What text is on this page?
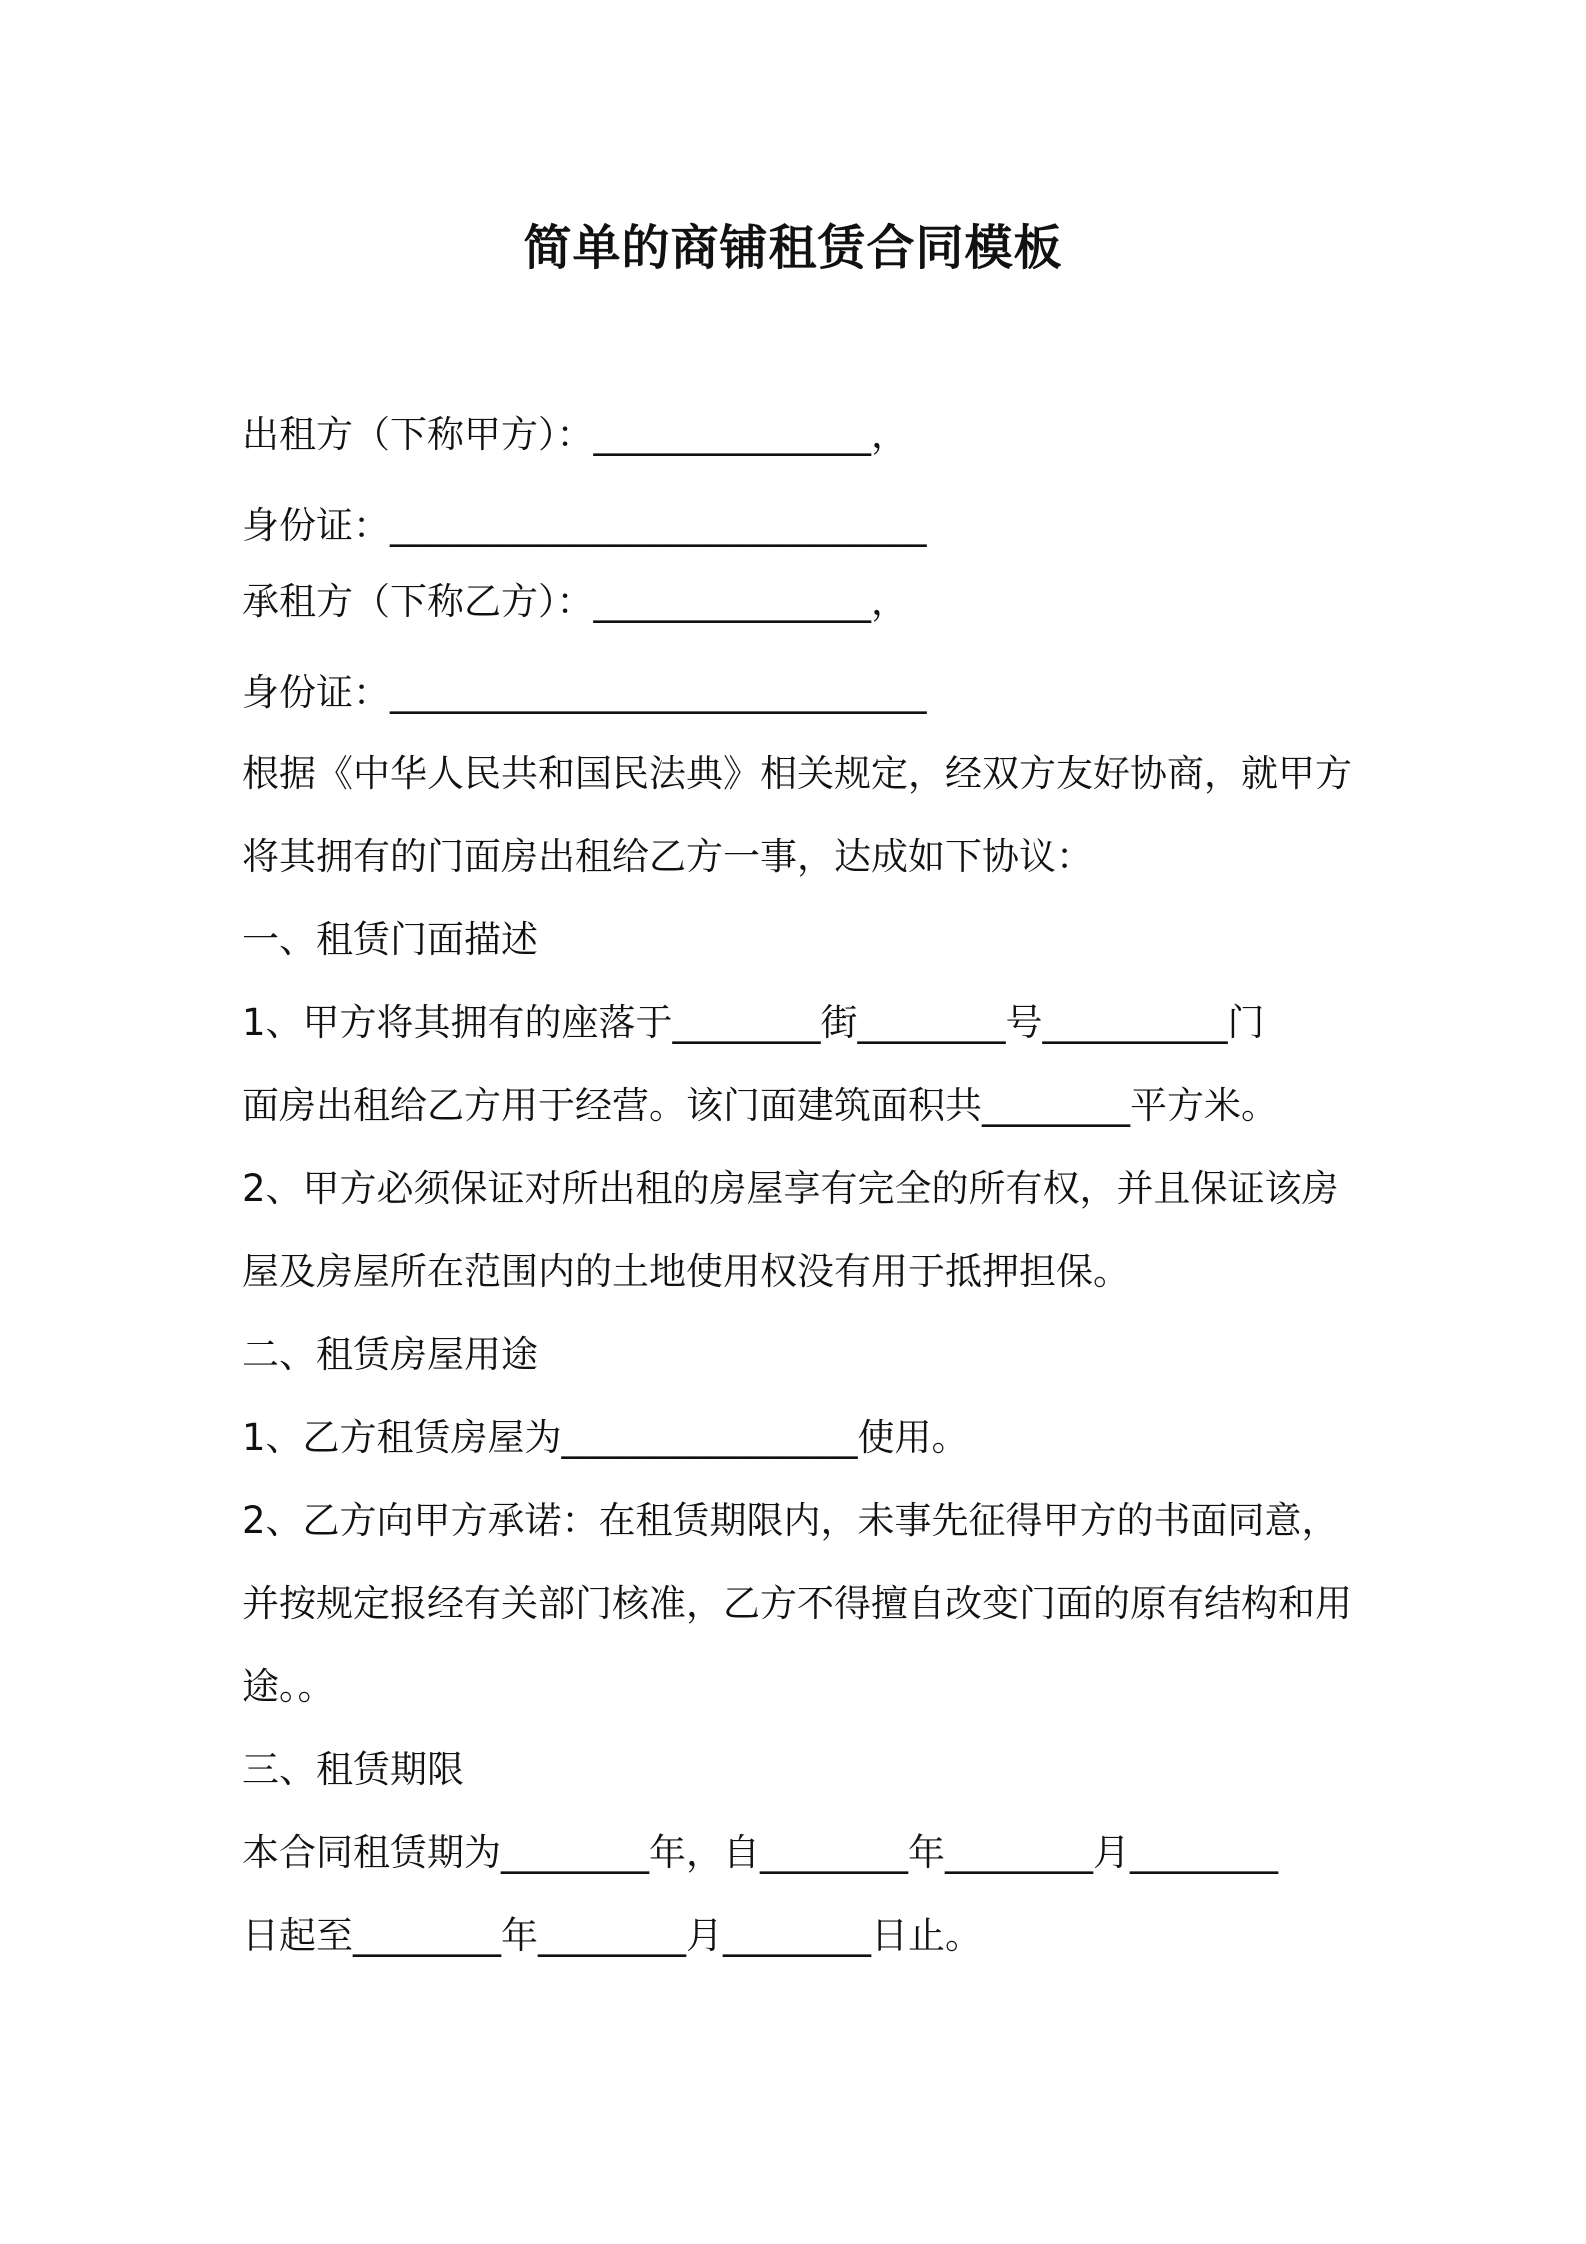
简单的商铺租赁合同模板
出租方（下称甲方）：_______________，
身份证：_____________________________
承租方（下称乙方）：_______________，
身份证：_____________________________
根据《中华人民共和国民法典》相关规定，经双方友好协商，就甲方
将其拥有的门面房出租给乙方一事，达成如下协议：
一、租赁门面描述
1、甲方将其拥有的座落于________街________号__________门
面房出租给乙方用于经营。该门面建筑面积共________平方米。
2、甲方必须保证对所出租的房屋享有完全的所有权，并且保证该房
屋及房屋所在范围内的土地使用权没有用于抵押担保。
二、租赁房屋用途
1、乙方租赁房屋为________________使用。
2、乙方向甲方承诺：在租赁期限内，未事先征得甲方的书面同意，
并按规定报经有关部门核准，乙方不得擅自改变门面的原有结构和用
途。。
三、租赁期限
本合同租赁期为________年，自________年________月________
日起至________年________月________日止。
